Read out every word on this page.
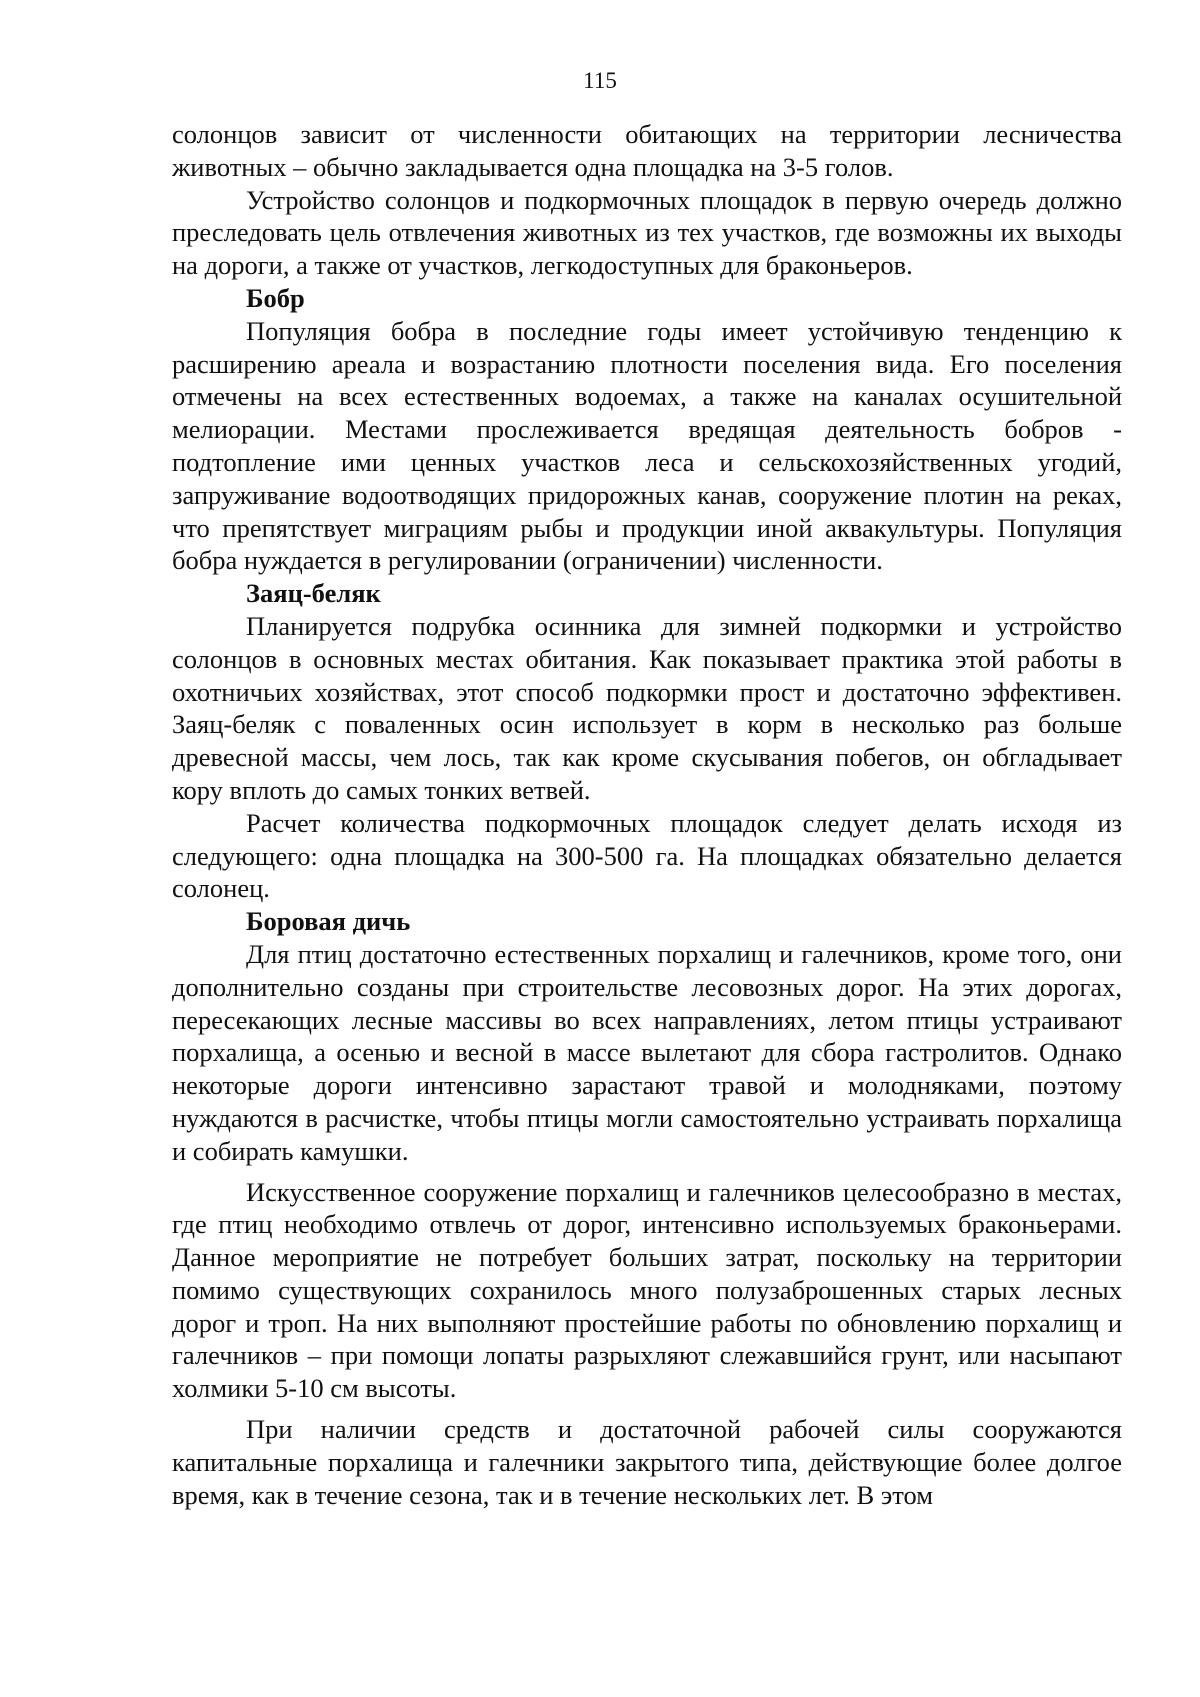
115

солонцов зависит от численности обитающих на территории лесничества животных – обычно закладывается одна площадка на 3-5 голов.

Устройство солонцов и подкормочных площадок в первую очередь должно преследовать цель отвлечения животных из тех участков, где возможны их выходы на дороги, а также от участков, легкодоступных для браконьеров.

Бобр

Популяция бобра в последние годы имеет устойчивую тенденцию к расширению ареала и возрастанию плотности поселения вида. Его поселения отмечены на всех естественных водоемах, а также на каналах осушительной мелиорации. Местами прослеживается вредящая деятельность бобров - подтопление ими ценных участков леса и сельскохозяйственных угодий, запруживание водоотводящих придорожных канав, сооружение плотин на реках, что препятствует миграциям рыбы и продукции иной аквакультуры. Популяция бобра нуждается в регулировании (ограничении) численности.

Заяц-беляк

Планируется подрубка осинника для зимней подкормки и устройство солонцов в основных местах обитания. Как показывает практика этой работы в охотничьих хозяйствах, этот способ подкормки прост и достаточно эффективен. Заяц-беляк с поваленных осин использует в корм в несколько раз больше древесной массы, чем лось, так как кроме скусывания побегов, он обгладывает кору вплоть до самых тонких ветвей.

Расчет количества подкормочных площадок следует делать исходя из следующего: одна площадка на 300-500 га. На площадках обязательно делается солонец.

Боровая дичь

Для птиц достаточно естественных порхалищ и галечников, кроме того, они дополнительно созданы при строительстве лесовозных дорог. На этих дорогах, пересекающих лесные массивы во всех направлениях, летом птицы устраивают порхалища, а осенью и весной в массе вылетают для сбора гастролитов. Однако некоторые дороги интенсивно зарастают травой и молодняками, поэтому нуждаются в расчистке, чтобы птицы могли самостоятельно устраивать порхалища и собирать камушки.

Искусственное сооружение порхалищ и галечников целесообразно в местах, где птиц необходимо отвлечь от дорог, интенсивно используемых браконьерами. Данное мероприятие не потребует больших затрат, поскольку на территории помимо существующих сохранилось много полузаброшенных старых лесных дорог и троп. На них выполняют простейшие работы по обновлению порхалищ и галечников – при помощи лопаты разрыхляют слежавшийся грунт, или насыпают холмики 5-10 см высоты.

При наличии средств и достаточной рабочей силы сооружаются капитальные порхалища и галечники закрытого типа, действующие более долгое время, как в течение сезона, так и в течение нескольких лет. В этом
